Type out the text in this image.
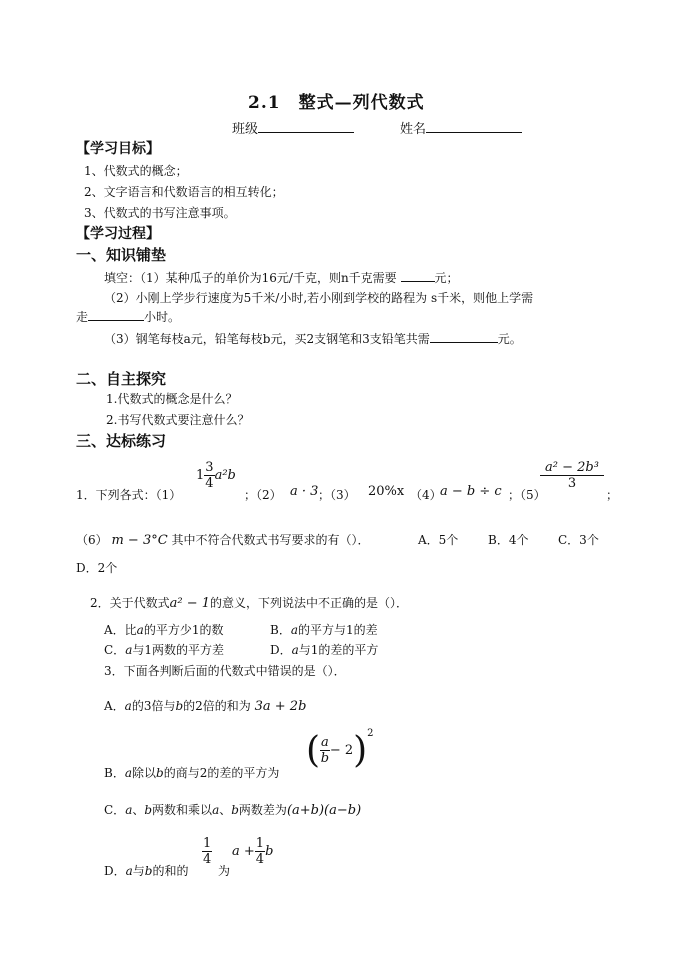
2.1　整式—列代数式
班级	姓名
【学习目标】
1、代数式的概念；
2、文字语言和代数语言的相互转化；
3、代数式的书写注意事项。
【学习过程】
一、知识铺垫
填空：（1）某种瓜子的单价为16元/千克，则n千克需要	元；
（2）小刚上学步行速度为5千米/小时,若小刚到学校的路程为 s千米，则他上学需
走	小时。
（3）钢笔每枝a元，铅笔每枝b元，买2支钢笔和3支铅笔共需	元。
二、自主探究
1.代数式的概念是什么？
2.书写代数式要注意什么？
三、达标练习
1．下列各式：（1）
$1 \frac{3}{4} a^2b$
；（2） a · 3 ；（3） 20%x （4）
a − b ÷ c ；（5）
$\frac{\text{a² − 2b³}}{3}$
；
（6） m − 3°C 其中不符合代数式书写要求的有（）．	A．5个 B．4个 C．3个
D．2个
2．关于代数式a² − 1的意义，下列说法中不正确的是（）．
A．比a的平方少1的数	B．a的平方与1的差
C．a与1两数的平方差	D．a与1的差的平方
3．下面各判断后面的代数式中错误的是（）．
A．a的3倍与b的2倍的和为 3a + 2b
B．a除以b的商与2的差的平方为
( $\frac{a}{b} - 2)^2$
C．a、b两数和乘以a、b两数差为(a+b)(a−b)
D．a与b的和的
$\frac{1}{4}$
为
$a + \frac{1}{4}$ b
